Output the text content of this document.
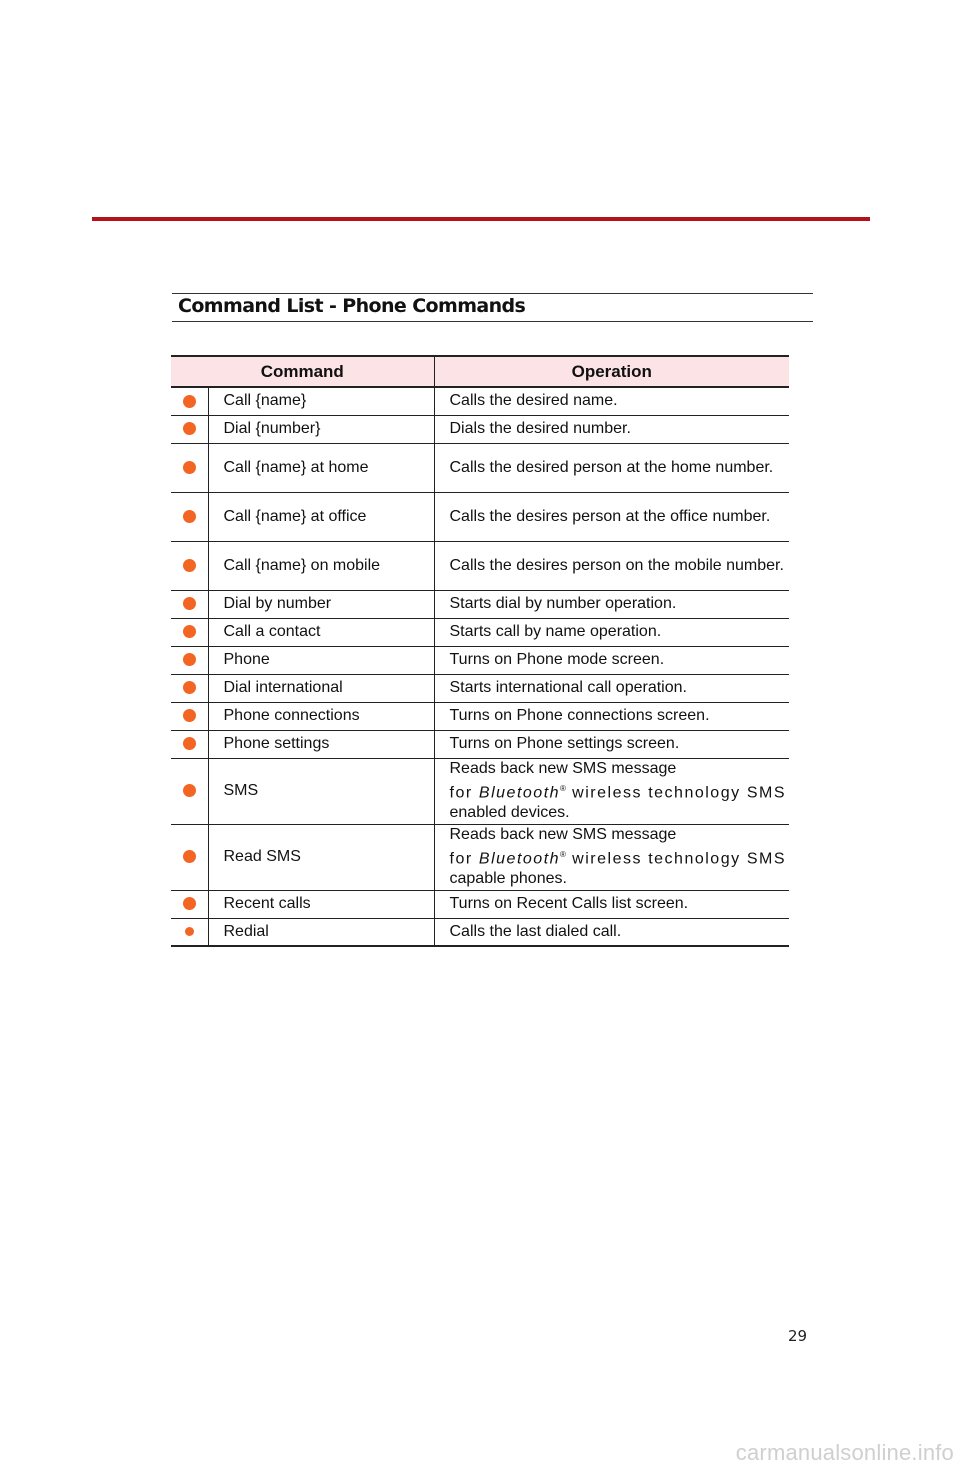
Command List - Phone Commands
Command		Operation
	Call {name}	Calls the desired name.
	Dial {number}	Dials the desired number.
	Call {name} at home	Calls the desired person at the home number.
	Call {name} at office	Calls the desires person at the office number.
	Call {name} on mobile	Calls the desires person on the mobile number.
	Dial by number	Starts dial by number operation.
	Call a contact	Starts call by name operation.
	Phone	Turns on Phone mode screen.
	Dial international	Starts international call operation.
	Phone connections	Turns on Phone connections screen.
	Phone settings	Turns on Phone settings screen.
	SMS	Reads back new SMS message
for Bluetooth® wireless technology SMS
enabled devices.

	Read SMS	Reads back new SMS message
for Bluetooth® wireless technology SMS
capable phones.

	Recent calls	Turns on Recent Calls list screen.
	Redial	Calls the last dialed call.
29
carmanualsonline.info
